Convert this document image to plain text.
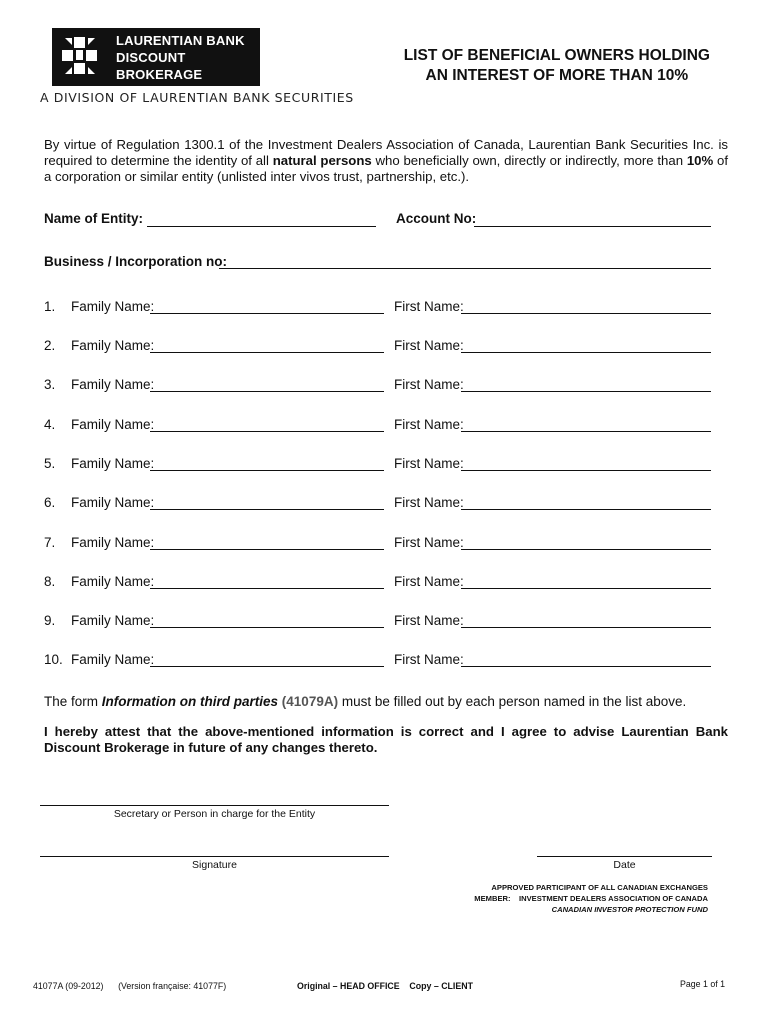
LAURENTIAN BANK
DISCOUNT BROKERAGE
A DIVISION OF LAURENTIAN BANK SECURITIES
LIST OF BENEFICIAL OWNERS HOLDING
AN INTEREST OF MORE THAN 10%
By virtue of Regulation 1300.1 of the Investment Dealers Association of Canada, Laurentian Bank Securities Inc. is required to determine the identity of all natural persons who beneficially own, directly or indirectly, more than 10% of a corporation or similar entity (unlisted inter vivos trust, partnership, etc.).
Name of Entity:	Account No:
Business / Incorporation no:
1. Family Name:	First Name:
2. Family Name:	First Name:
3. Family Name:	First Name:
4. Family Name:	First Name:
5. Family Name:	First Name:
6. Family Name:	First Name:
7. Family Name:	First Name:
8. Family Name:	First Name:
9. Family Name:	First Name:
10. Family Name:	First Name:
The form Information on third parties (41079A) must be filled out by each person named in the list above.
I hereby attest that the above-mentioned information is correct and I agree to advise Laurentian Bank Discount Brokerage in future of any changes thereto.
Secretary or Person in charge for the Entity
Signature	Date
APPROVED PARTICIPANT OF ALL CANADIAN EXCHANGES
MEMBER:    INVESTMENT DEALERS ASSOCIATION OF CANADA
CANADIAN INVESTOR PROTECTION FUND
41077A (09-2012)      (Version française: 41077F)	Original – HEAD OFFICE    Copy – CLIENT	Page 1 of 1
